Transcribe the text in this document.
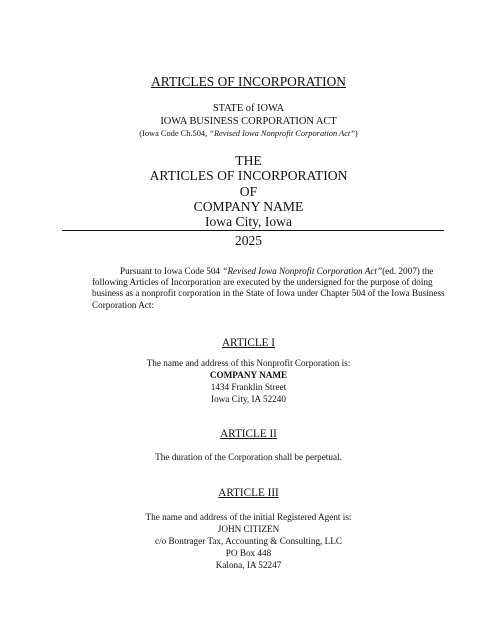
ARTICLES OF INCORPORATION
STATE of IOWA
IOWA BUSINESS CORPORATION ACT
(Iowa Code Ch.504, “Revised Iowa Nonprofit Corporation Act”)
THE
ARTICLES OF INCORPORATION
OF
COMPANY NAME
Iowa City, Iowa
2025
Pursuant to Iowa Code 504 “Revised Iowa Nonprofit Corporation Act”(ed. 2007) the following Articles of Incorporation are executed by the undersigned for the purpose of doing business as a nonprofit corporation in the State of Iowa under Chapter 504 of the Iowa Business Corporation Act:
ARTICLE I
The name and address of this Nonprofit Corporation is:
COMPANY NAME
1434 Franklin Street
Iowa City, IA 52240
ARTICLE II
The duration of the Corporation shall be perpetual.
ARTICLE III
The name and address of the initial Registered Agent is:
JOHN CITIZEN
c/o Bontrager Tax, Accounting & Consulting, LLC
PO Box 448
Kalona, IA 52247
